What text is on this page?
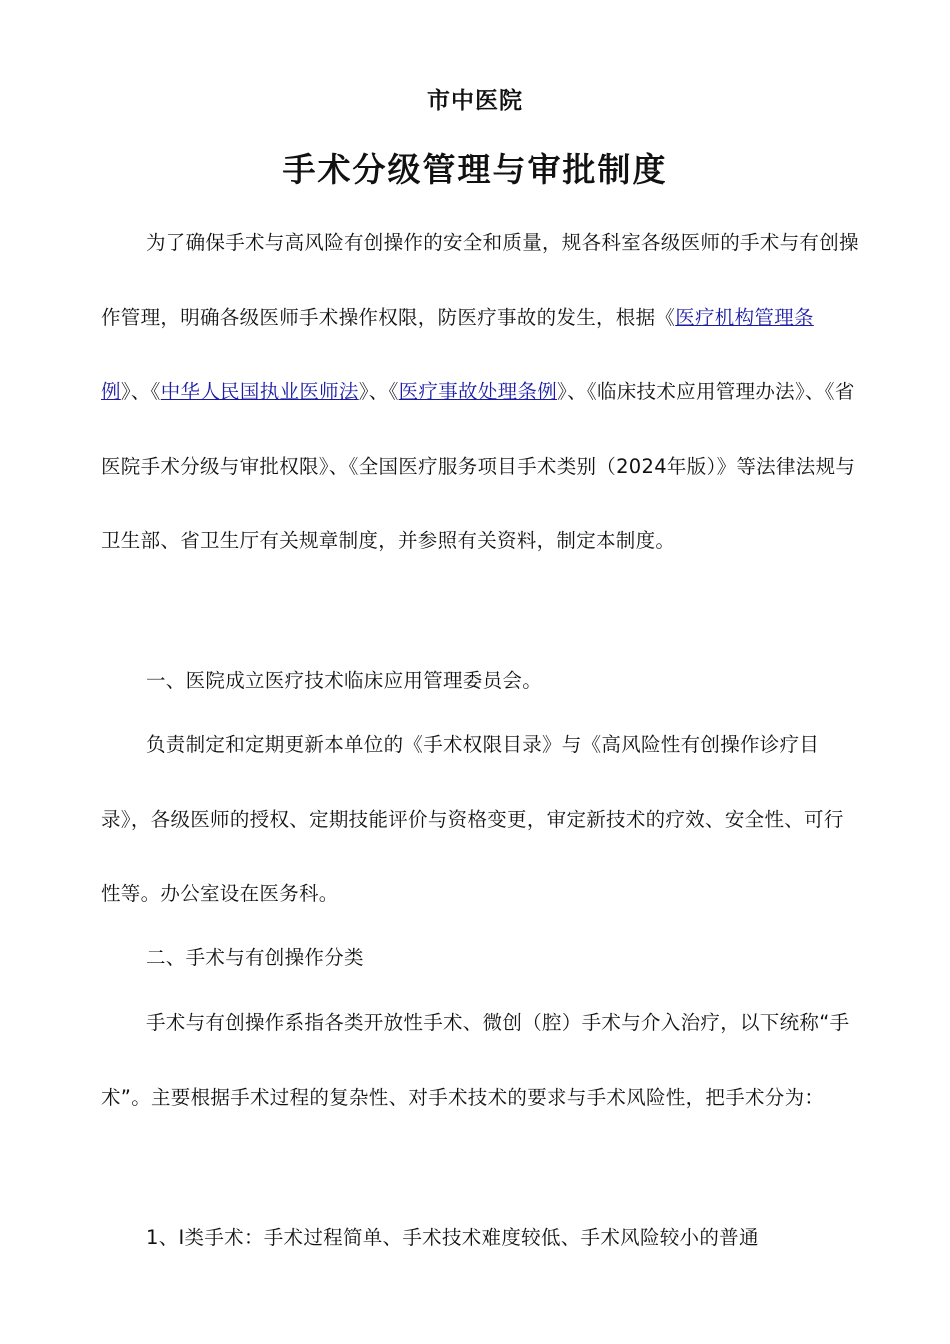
市中医院
手术分级管理与审批制度

为了确保手术与高风险有创操作的安全和质量，规各科室各级医师的手术与有创操作管理，明确各级医师手术操作权限，防医疗事故的发生，根据《医疗机构管理条例》、《中华人民国执业医师法》、《医疗事故处理条例》、《临床技术应用管理办法》、《省医院手术分级与审批权限》、《全国医疗服务项目手术类别（2024年版）》等法律法规与卫生部、省卫生厅有关规章制度，并参照有关资料，制定本制度。

一、医院成立医疗技术临床应用管理委员会。

负责制定和定期更新本单位的《手术权限目录》与《高风险性有创操作诊疗目录》，各级医师的授权、定期技能评价与资格变更，审定新技术的疗效、安全性、可行性等。办公室设在医务科。

二、手术与有创操作分类

手术与有创操作系指各类开放性手术、微创（腔）手术与介入治疗，以下统称“手术”。主要根据手术过程的复杂性、对手术技术的要求与手术风险性，把手术分为：

1、Ⅰ类手术：手术过程简单、手术技术难度较低、手术风险较小的普通
